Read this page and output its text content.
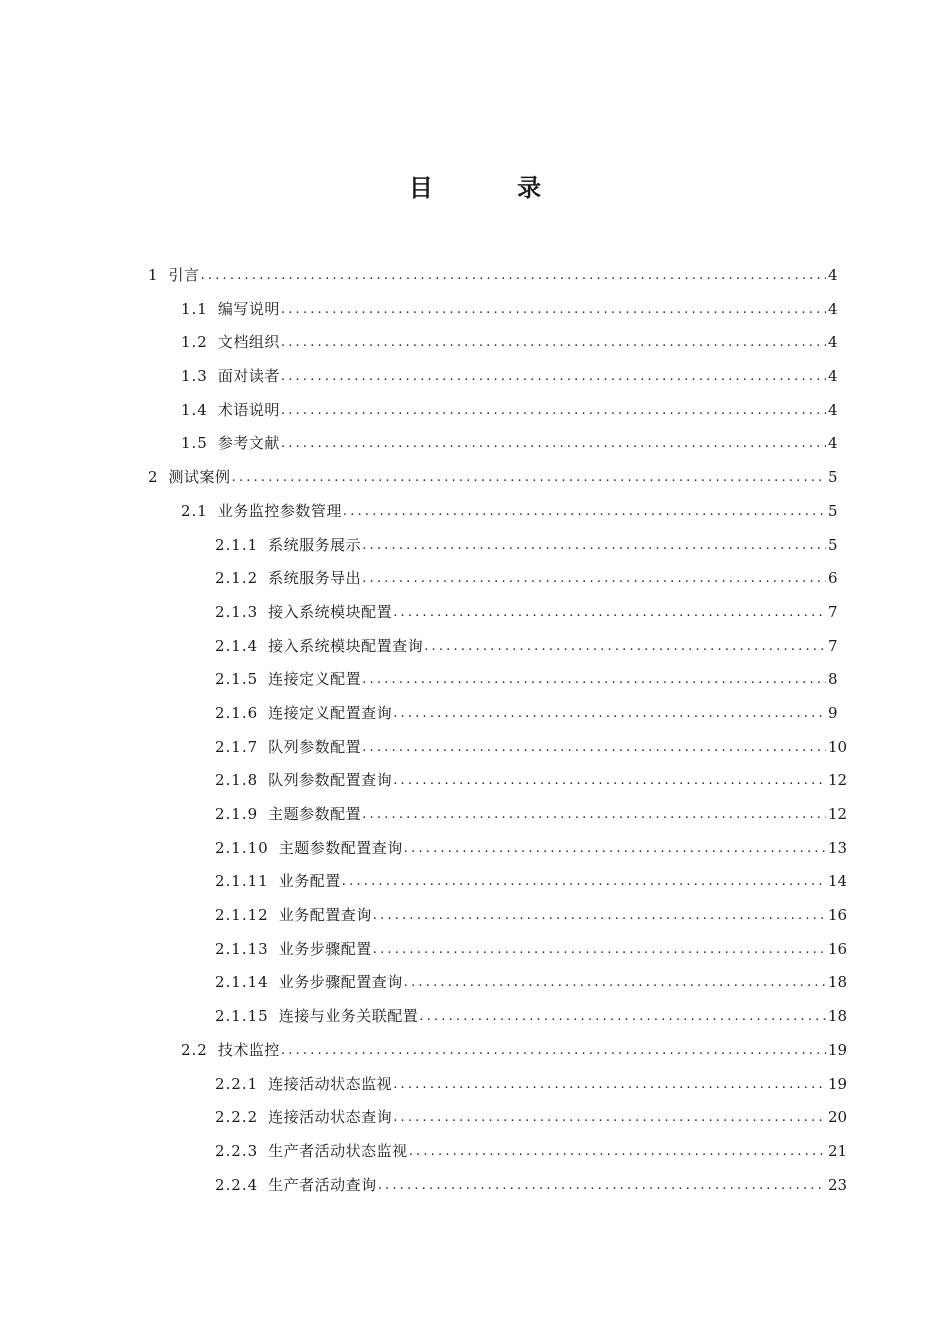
目 录
1 引言 .....	4
1.1 编写说明 .....	4
1.2 文档组织 .....	4
1.3 面对读者 .....	4
1.4 术语说明 .....	4
1.5 参考文献 .....	4
2 测试案例 .....	5
2.1 业务监控参数管理 .....	5
2.1.1 系统服务展示 .....	5
2.1.2 系统服务导出 .....	6
2.1.3 接入系统模块配置 .....	7
2.1.4 接入系统模块配置查询 .....	7
2.1.5 连接定义配置 .....	8
2.1.6 连接定义配置查询 .....	9
2.1.7 队列参数配置 .....	10
2.1.8 队列参数配置查询 .....	12
2.1.9 主题参数配置 .....	12
2.1.10 主题参数配置查询 .....	13
2.1.11 业务配置 .....	14
2.1.12 业务配置查询 .....	16
2.1.13 业务步骤配置 .....	16
2.1.14 业务步骤配置查询 .....	18
2.1.15 连接与业务关联配置 .....	18
2.2 技术监控 .....	19
2.2.1 连接活动状态监视 .....	19
2.2.2 连接活动状态查询 .....	20
2.2.3 生产者活动状态监视 .....	21
2.2.4 生产者活动查询 .....	23
